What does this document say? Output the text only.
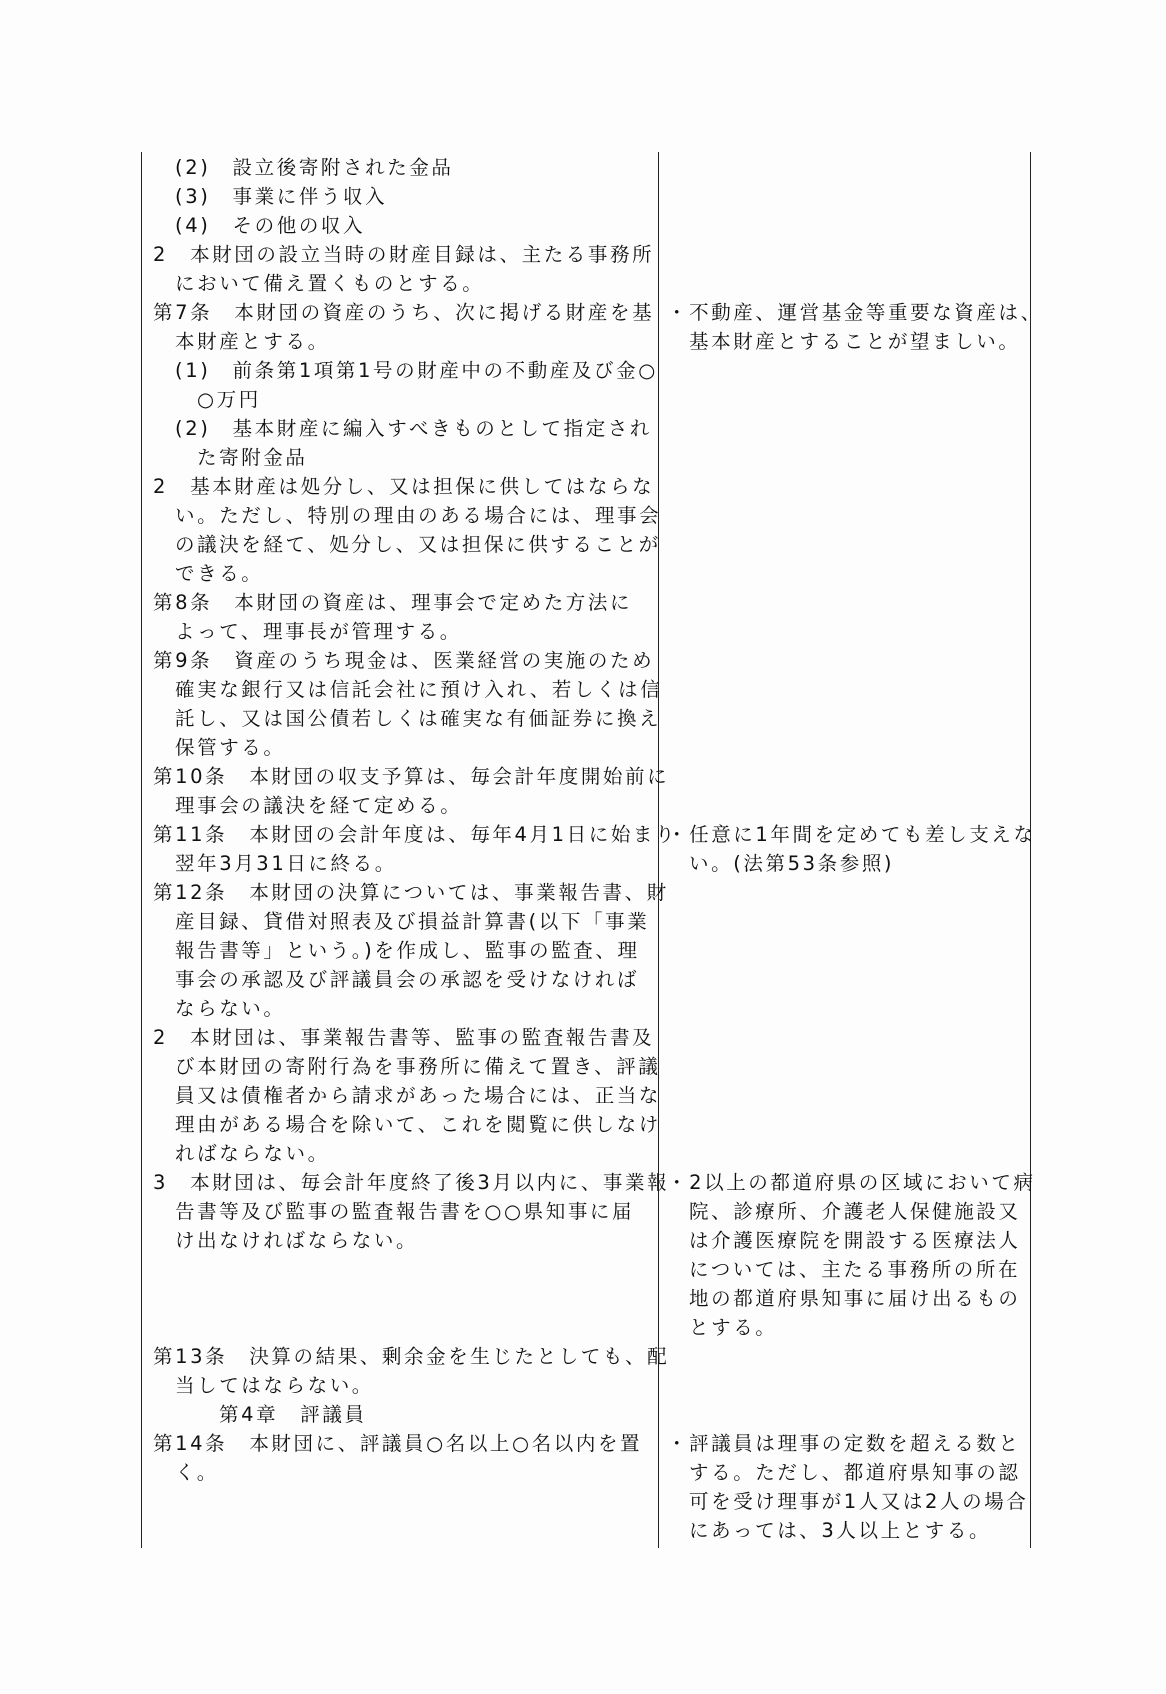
(2)　設立後寄附された金品
(3)　事業に伴う収入
(4)　その他の収入
2　本財団の設立当時の財産目録は、主たる事務所
において備え置くものとする。
第7条　本財団の資産のうち、次に掲げる財産を基
本財産とする。
(1)　前条第1項第1号の財産中の不動産及び金○
○万円
(2)　基本財産に編入すべきものとして指定され
た寄附金品
2　基本財産は処分し、又は担保に供してはならな
い。ただし、特別の理由のある場合には、理事会
の議決を経て、処分し、又は担保に供することが
できる。
第8条　本財団の資産は、理事会で定めた方法に
よって、理事長が管理する。
第9条　資産のうち現金は、医業経営の実施のため
確実な銀行又は信託会社に預け入れ、若しくは信
託し、又は国公債若しくは確実な有価証券に換え
保管する。
第10条　本財団の収支予算は、毎会計年度開始前に
理事会の議決を経て定める。
第11条　本財団の会計年度は、毎年4月1日に始まり
翌年3月31日に終る。
第12条　本財団の決算については、事業報告書、財
産目録、貸借対照表及び損益計算書(以下「事業
報告書等」という。)を作成し、監事の監査、理
事会の承認及び評議員会の承認を受けなければ
ならない。
2　本財団は、事業報告書等、監事の監査報告書及
び本財団の寄附行為を事務所に備えて置き、評議
員又は債権者から請求があった場合には、正当な
理由がある場合を除いて、これを閲覧に供しなけ
ればならない。
3　本財団は、毎会計年度終了後3月以内に、事業報
告書等及び監事の監査報告書を○○県知事に届
け出なければならない。
第13条　決算の結果、剰余金を生じたとしても、配
当してはならない。
第4章　評議員
第14条　本財団に、評議員○名以上○名以内を置
く。
・不動産、運営基金等重要な資産は、
基本財産とすることが望ましい。
・任意に1年間を定めても差し支えな
い。(法第53条参照)
・2以上の都道府県の区域において病
院、診療所、介護老人保健施設又
は介護医療院を開設する医療法人
については、主たる事務所の所在
地の都道府県知事に届け出るもの
とする。
・評議員は理事の定数を超える数と
する。ただし、都道府県知事の認
可を受け理事が1人又は2人の場合
にあっては、3人以上とする。
